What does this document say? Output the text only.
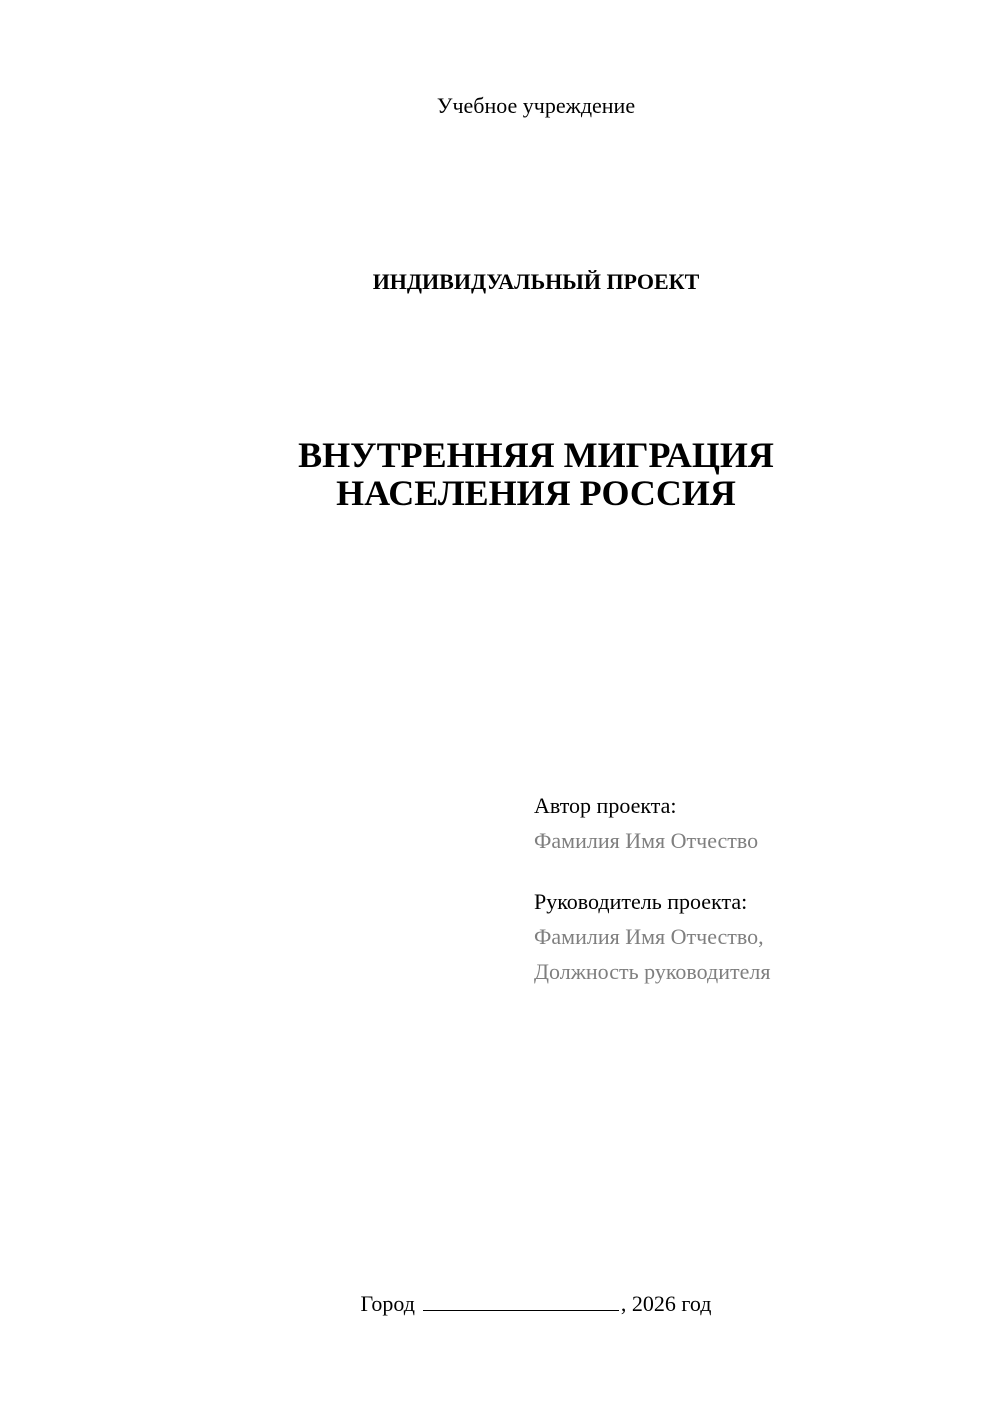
Учебное учреждение
ИНДИВИДУАЛЬНЫЙ ПРОЕКТ
ВНУТРЕННЯЯ МИГРАЦИЯ
НАСЕЛЕНИЯ РОССИЯ
Автор проекта:
Фамилия Имя Отчество
Руководитель проекта:
Фамилия Имя Отчество,
Должность руководителя
Город	, 2026 год
